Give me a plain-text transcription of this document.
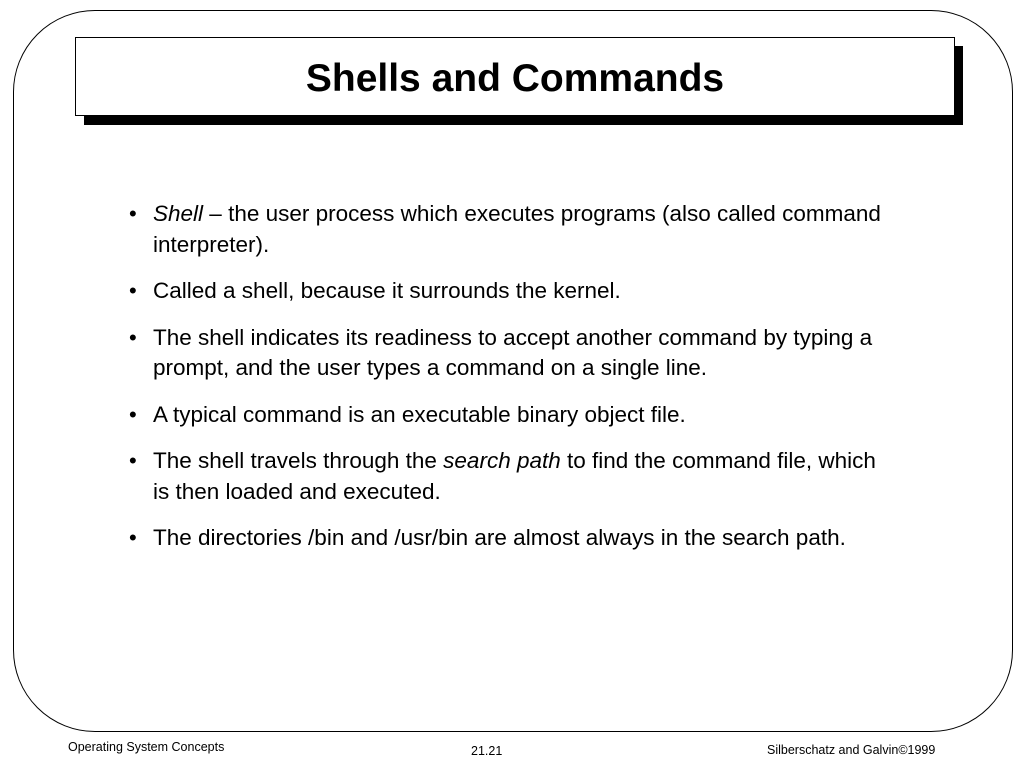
Shells and Commands
• Shell – the user process which executes programs (also called command interpreter).
• Called a shell, because it surrounds the kernel.
• The shell indicates its readiness to accept another command by typing a prompt, and the user types a command on a single line.
• A typical command is an executable binary object file.
• The shell travels through the search path to find the command file, which is then loaded and executed.
• The directories /bin and /usr/bin are almost always in the search path.
Operating System Concepts	21.21	Silberschatz and Galvin©1999
